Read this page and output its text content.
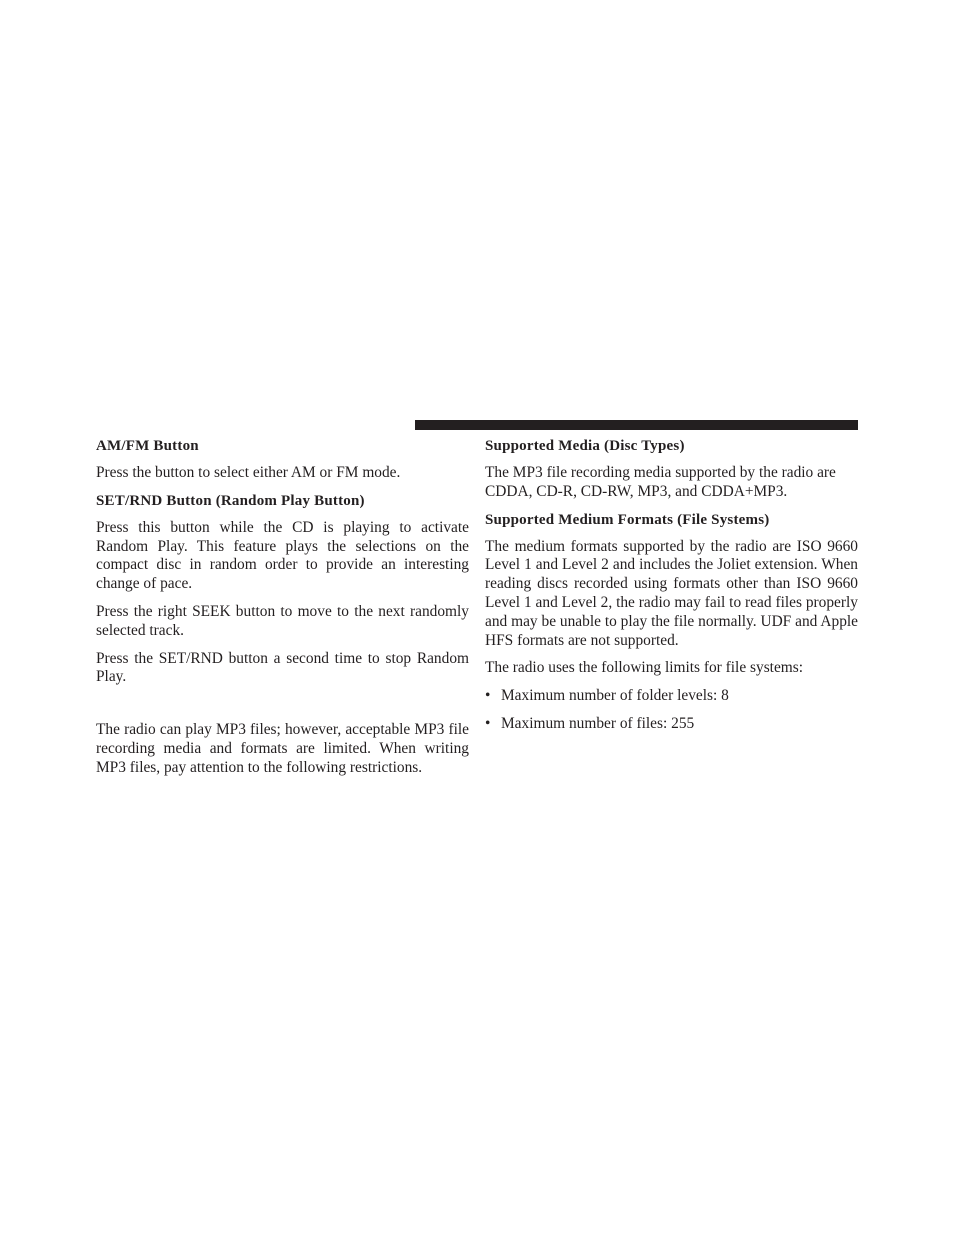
AM/FM Button

Press the button to select either AM or FM mode.

SET/RND Button (Random Play Button)

Press this button while the CD is playing to activate Random Play. This feature plays the selections on the compact disc in random order to provide an interesting change of pace.

Press the right SEEK button to move to the next randomly selected track.

Press the SET/RND button a second time to stop Random Play.

The radio can play MP3 files; however, acceptable MP3 file recording media and formats are limited. When writing MP3 files, pay attention to the following restrictions.

Supported Media (Disc Types)

The MP3 file recording media supported by the radio are CDDA, CD-R, CD-RW, MP3, and CDDA+MP3.

Supported Medium Formats (File Systems)

The medium formats supported by the radio are ISO 9660 Level 1 and Level 2 and includes the Joliet extension. When reading discs recorded using formats other than ISO 9660 Level 1 and Level 2, the radio may fail to read files properly and may be unable to play the file normally. UDF and Apple HFS formats are not supported.

The radio uses the following limits for file systems:

• Maximum number of folder levels: 8
• Maximum number of files: 255
